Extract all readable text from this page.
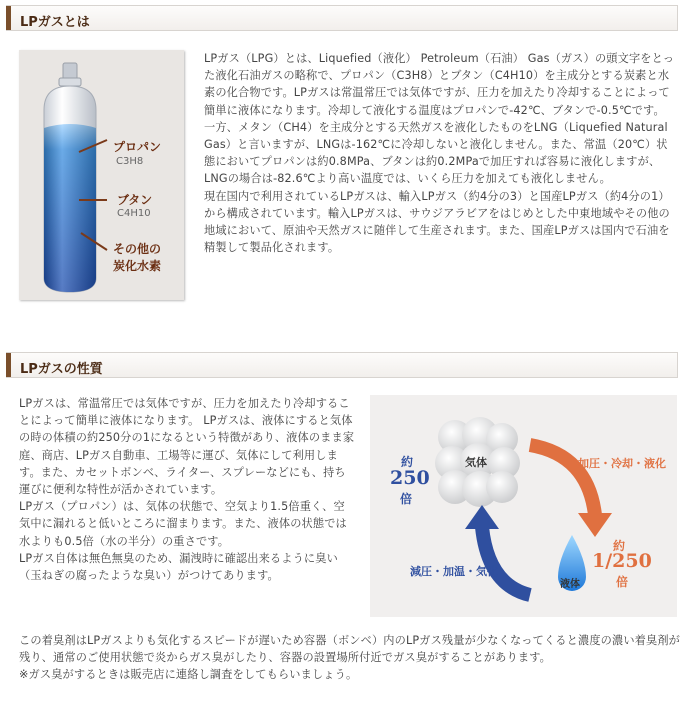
LPガスとは
プロパン
C3H8
ブタン
C4H10
その他の
炭化水素

LPガス（LPG）とは、Liquefied（液化） Petroleum（石油） Gas（ガス）の頭文字をとった液化石油ガスの略称で、プロパン（C3H8）とブタン（C4H10）を主成分とする炭素と水素の化合物です。LPガスは常温常圧では気体ですが、圧力を加えたり冷却することによって簡単に液体になります。冷却して液化する温度はプロパンで-42℃、ブタンで-0.5℃です。

一方、メタン（CH4）を主成分とする天然ガスを液化したものをLNG（Liquefied Natural Gas）と言いますが、LNGは-162℃に冷却しないと液化しません。また、常温（20℃）状態においてプロパンは約0.8MPa、ブタンは約0.2MPaで加圧すれば容易に液化しますが、LNGの場合は-82.6℃より高い温度では、いくら圧力を加えても液化しません。

現在国内で利用されているLPガスは、輸入LPガス（約4分の3）と国産LPガス（約4分の1）から構成されています。輸入LPガスは、サウジアラビアをはじめとした中東地域やその他の地域において、原油や天然ガスに随伴して生産されます。また、国産LPガスは国内で石油を精製して製品化されます。

LPガスの性質

LPガスは、常温常圧では気体ですが、圧力を加えたり冷却することによって簡単に液体になります。 LPガスは、液体にすると気体の時の体積の約250分の1になるという特徴があり、液体のまま家庭、商店、LPガス自動車、工場等に運び、気体にして利用します。また、カセットボンベ、ライター、スプレーなどにも、持ち運びに便利な特性が活かされています。

LPガス（プロパン）は、気体の状態で、空気より1.5倍重く、空気中に漏れると低いところに溜まります。また、液体の状態では水よりも0.5倍（水の半分）の重さです。

LPガス自体は無色無臭のため、漏洩時に確認出来るように臭い（玉ねぎの腐ったような臭い）がつけてあります。

気体
液体
加圧・冷却・液化
減圧・加温・気化
約
250
倍
約
1/250
倍

この着臭剤はLPガスよりも気化するスピードが遅いため容器（ボンベ）内のLPガス残量が少なくなってくると濃度の濃い着臭剤が残り、通常のご使用状態で炎からガス臭がしたり、容器の設置場所付近でガス臭がすることがあります。

※ガス臭がするときは販売店に連絡し調査をしてもらいましょう。
